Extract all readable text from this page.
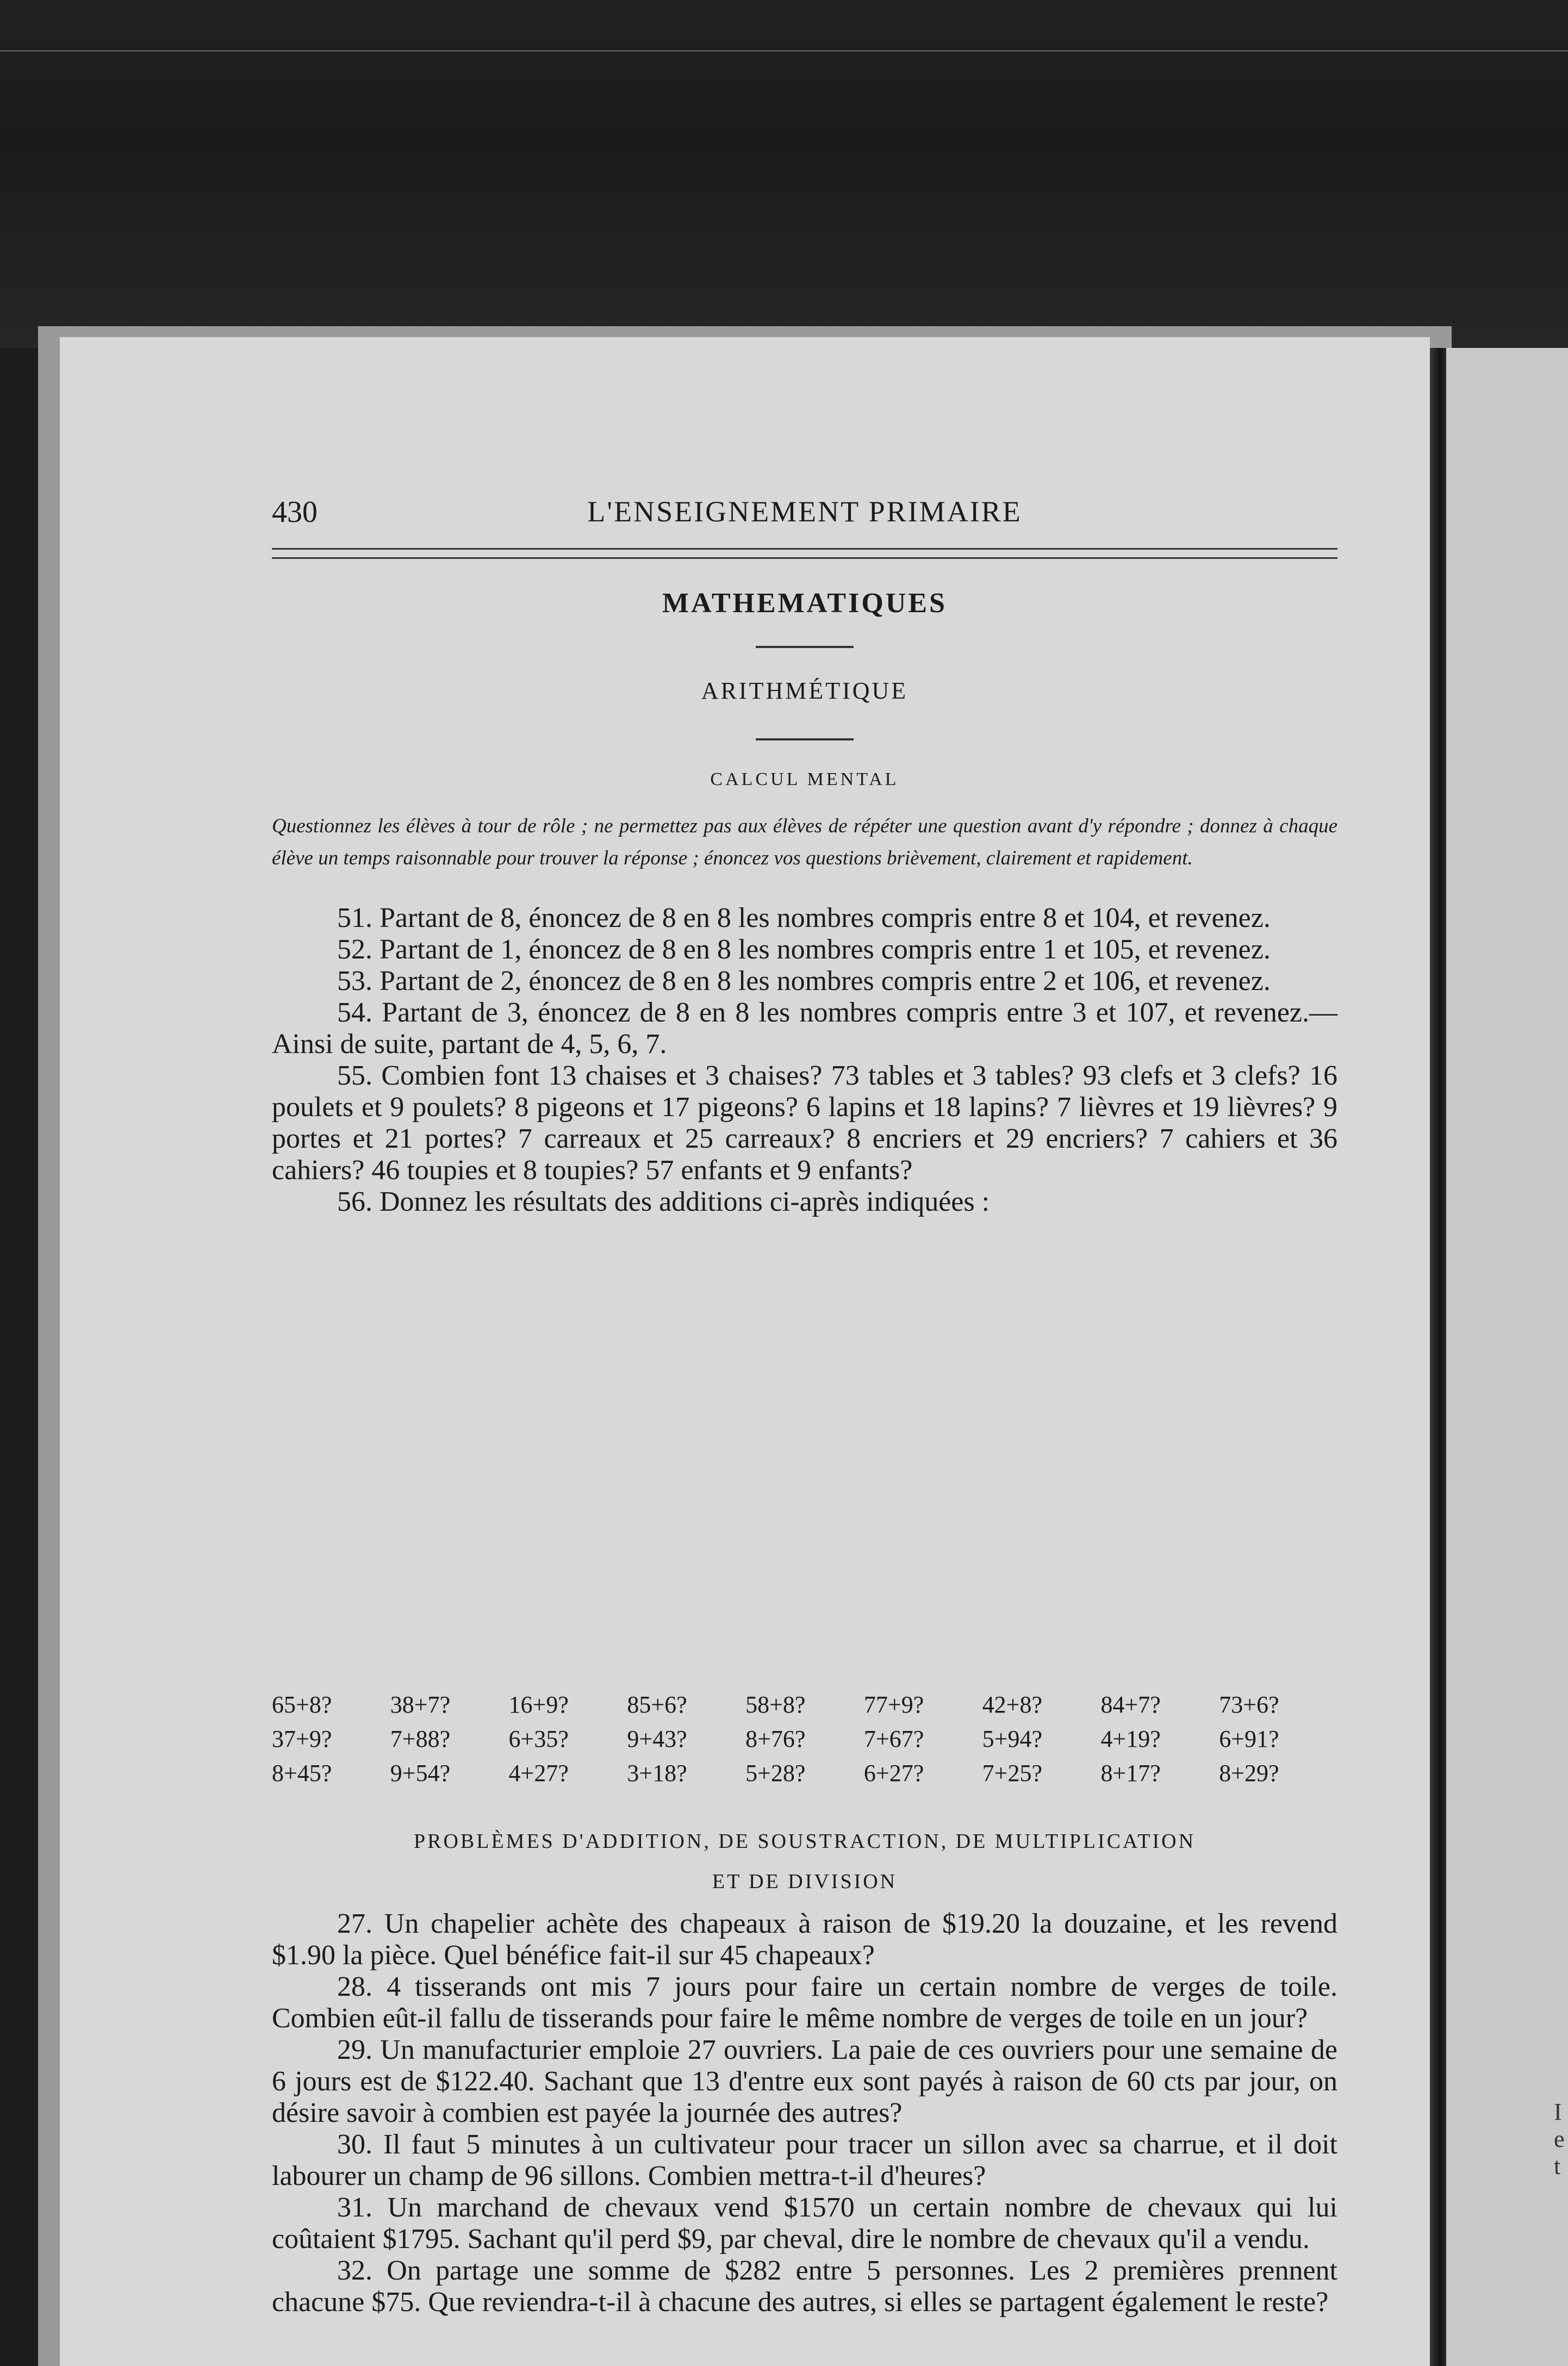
430	L'ENSEIGNEMENT PRIMAIRE
MATHEMATIQUES
ARITHMÉTIQUE
CALCUL MENTAL
Questionnez les élèves à tour de rôle ; ne permettez pas aux élèves de répéter une question avant d'y répondre ; donnez à chaque élève un temps raisonnable pour trouver la réponse ; énoncez vos questions brièvement, clairement et rapidement.

51. Partant de 8, énoncez de 8 en 8 les nombres compris entre 8 et 104, et revenez.

52. Partant de 1, énoncez de 8 en 8 les nombres compris entre 1 et 105, et revenez.

53. Partant de 2, énoncez de 8 en 8 les nombres compris entre 2 et 106, et revenez.

54. Partant de 3, énoncez de 8 en 8 les nombres compris entre 3 et 107, et revenez.— Ainsi de suite, partant de 4, 5, 6, 7.

55. Combien font 13 chaises et 3 chaises? 73 tables et 3 tables? 93 clefs et 3 clefs? 16 poulets et 9 poulets? 8 pigeons et 17 pigeons? 6 lapins et 18 lapins? 7 lièvres et 19 lièvres? 9 portes et 21 portes? 7 carreaux et 25 carreaux? 8 encriers et 29 encriers? 7 cahiers et 36 cahiers? 46 toupies et 8 toupies? 57 enfants et 9 enfants?

56. Donnez les résultats des additions ci-après indiquées :

65+8?	38+7?	16+9?	85+6?	58+8?	77+9?	42+8?	84+7?	73+6?
37+9?	7+88?	6+35?	9+43?	8+76?	7+67?	5+94?	4+19?	6+91?
8+45?	9+54?	4+27?	3+18?	5+28?	6+27?	7+25?	8+17?	8+29?
PROBLÈMES D'ADDITION, DE SOUSTRACTION, DE MULTIPLICATION
ET DE DIVISION

27. Un chapelier achète des chapeaux à raison de $19.20 la douzaine, et les revend $1.90 la pièce. Quel bénéfice fait-il sur 45 chapeaux?

28. 4 tisserands ont mis 7 jours pour faire un certain nombre de verges de toile. Combien eût-il fallu de tisserands pour faire le même nombre de verges de toile en un jour?

29. Un manufacturier emploie 27 ouvriers. La paie de ces ouvriers pour une semaine de 6 jours est de $122.40. Sachant que 13 d'entre eux sont payés à raison de 60 cts par jour, on désire savoir à combien est payée la journée des autres?

30. Il faut 5 minutes à un cultivateur pour tracer un sillon avec sa charrue, et il doit labourer un champ de 96 sillons. Combien mettra-t-il d'heures?

31. Un marchand de chevaux vend $1570 un certain nombre de chevaux qui lui coûtaient $1795. Sachant qu'il perd $9, par cheval, dire le nombre de chevaux qu'il a vendu.

32. On partage une somme de $282 entre 5 personnes. Les 2 premières prennent chacune $75. Que reviendra-t-il à chacune des autres, si elles se partagent également le reste?

I
e
t
